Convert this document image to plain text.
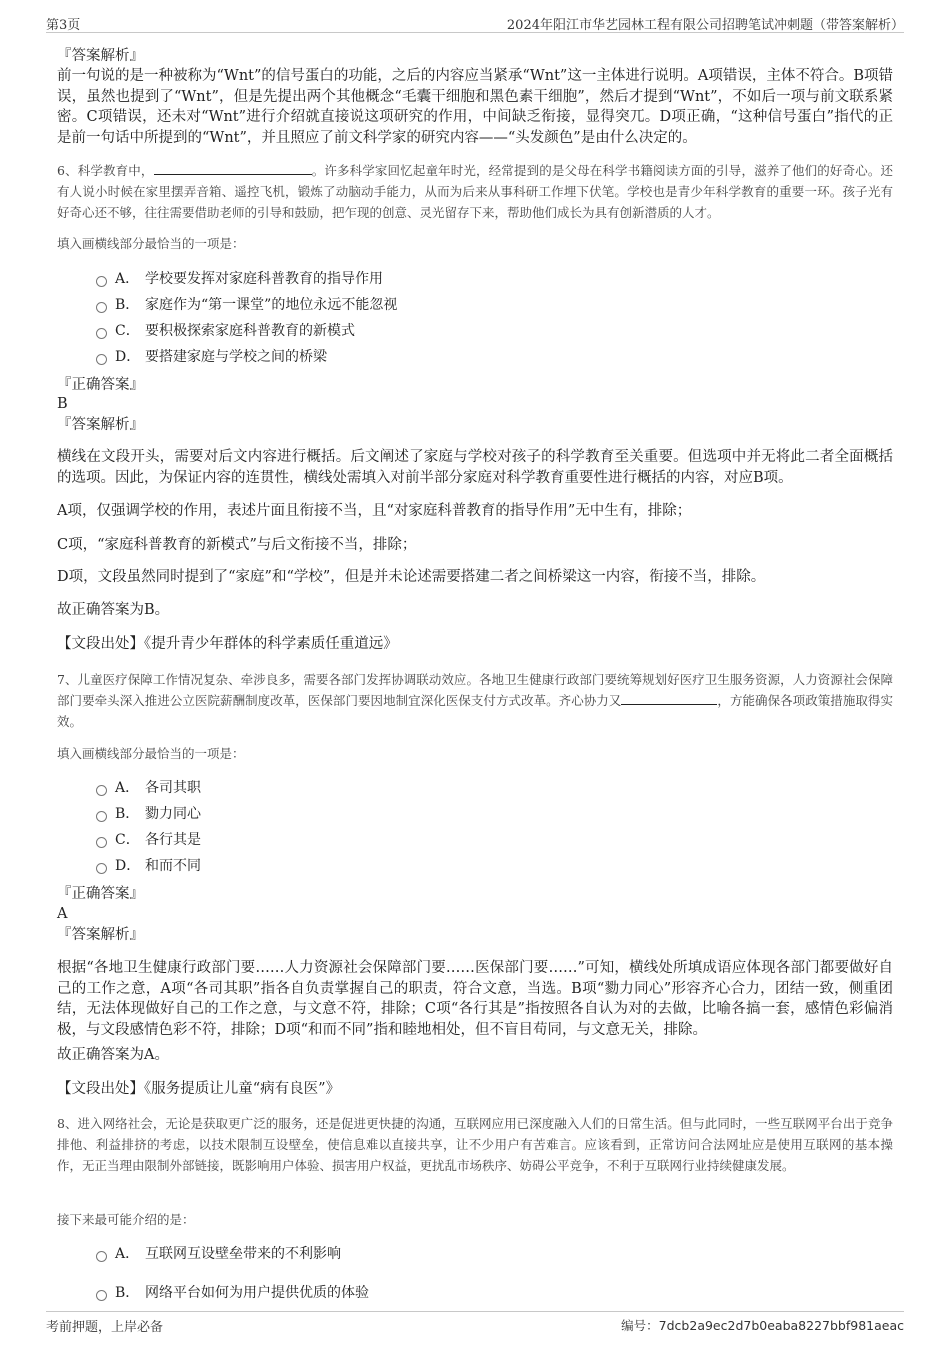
第3页	2024年阳江市华艺园林工程有限公司招聘笔试冲刺题（带答案解析）
『答案解析』
前一句说的是一种被称为“Wnt”的信号蛋白的功能，之后的内容应当紧承“Wnt”这一主体进行说明。A项错误，主体不符合。B项错误，虽然也提到了“Wnt”，但是先提出两个其他概念“毛囊干细胞和黑色素干细胞”，然后才提到“Wnt”，不如后一项与前文联系紧密。C项错误，还未对“Wnt”进行介绍就直接说这项研究的作用，中间缺乏衔接，显得突兀。D项正确，“这种信号蛋白”指代的正是前一句话中所提到的“Wnt”，并且照应了前文科学家的研究内容——“头发颜色”是由什么决定的。
6、科学教育中，	。许多科学家回忆起童年时光，经常提到的是父母在科学书籍阅读方面的引导，滋养了他们的好奇心。还有人说小时候在家里摆弄音箱、遥控飞机，锻炼了动脑动手能力，从而为后来从事科研工作埋下伏笔。学校也是青少年科学教育的重要一环。孩子光有好奇心还不够，往往需要借助老师的引导和鼓励，把乍现的创意、灵光留存下来，帮助他们成长为具有创新潜质的人才。
填入画横线部分最恰当的一项是：
A． 学校要发挥对家庭科普教育的指导作用
B． 家庭作为“第一课堂”的地位永远不能忽视
C． 要积极探索家庭科普教育的新模式
D． 要搭建家庭与学校之间的桥梁
『正确答案』
B
『答案解析』
横线在文段开头，需要对后文内容进行概括。后文阐述了家庭与学校对孩子的科学教育至关重要。但选项中并无将此二者全面概括的选项。因此，为保证内容的连贯性，横线处需填入对前半部分家庭对科学教育重要性进行概括的内容，对应B项。
A项，仅强调学校的作用，表述片面且衔接不当，且“对家庭科普教育的指导作用”无中生有，排除；
C项，“家庭科普教育的新模式”与后文衔接不当，排除；
D项，文段虽然同时提到了“家庭”和“学校”，但是并未论述需要搭建二者之间桥梁这一内容，衔接不当，排除。
故正确答案为B。
【文段出处】《提升青少年群体的科学素质任重道远》
7、儿童医疗保障工作情况复杂、牵涉良多，需要各部门发挥协调联动效应。各地卫生健康行政部门要统筹规划好医疗卫生服务资源，人力资源社会保障部门要牵头深入推进公立医院薪酬制度改革，医保部门要因地制宜深化医保支付方式改革。齐心协力又	，方能确保各项政策措施取得实效。
填入画横线部分最恰当的一项是：
A． 各司其职
B． 勠力同心
C． 各行其是
D． 和而不同
『正确答案』
A
『答案解析』
根据“各地卫生健康行政部门要……人力资源社会保障部门要……医保部门要……”可知，横线处所填成语应体现各部门都要做好自己的工作之意，A项“各司其职”指各自负责掌握自己的职责，符合文意，当选。B项“勠力同心”形容齐心合力，团结一致，侧重团结，无法体现做好自己的工作之意，与文意不符，排除；C项“各行其是”指按照各自认为对的去做，比喻各搞一套，感情色彩偏消极，与文段感情色彩不符，排除；D项“和而不同”指和睦地相处，但不盲目苟同，与文意无关，排除。
故正确答案为A。
【文段出处】《服务提质让儿童“病有良医”》
8、进入网络社会，无论是获取更广泛的服务，还是促进更快捷的沟通，互联网应用已深度融入人们的日常生活。但与此同时，一些互联网平台出于竞争排他、利益排挤的考虑，以技术限制互设壁垒，使信息难以直接共享，让不少用户有苦难言。应该看到，正常访问合法网址应是使用互联网的基本操作，无正当理由限制外部链接，既影响用户体验、损害用户权益，更扰乱市场秩序、妨碍公平竞争，不利于互联网行业持续健康发展。
接下来最可能介绍的是：
A． 互联网互设壁垒带来的不利影响
B． 网络平台如何为用户提供优质的体验
考前押题，上岸必备	编号：7dcb2a9ec2d7b0eaba8227bbf981aeac
